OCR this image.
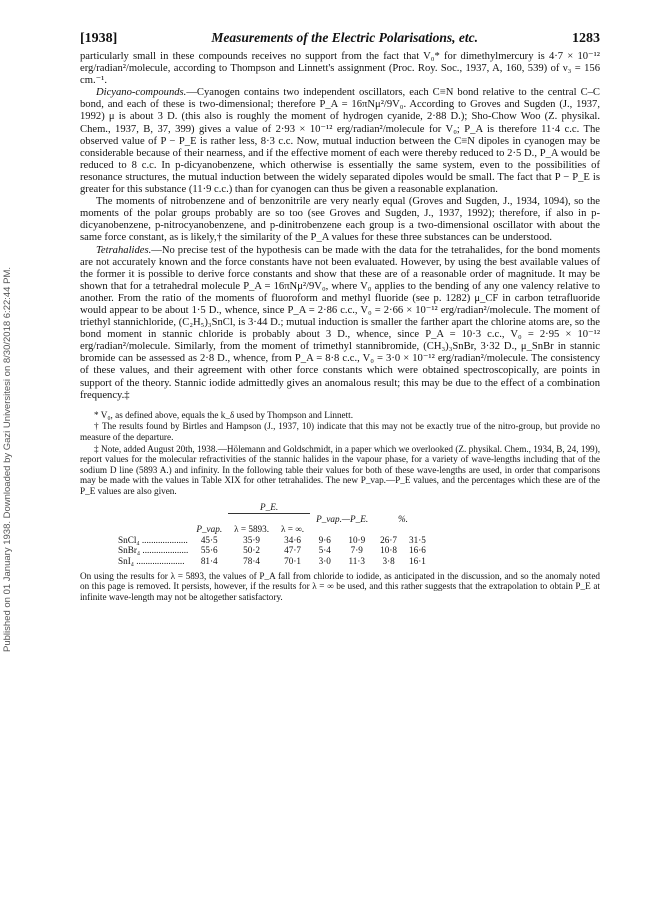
Published on 01 January 1938. Downloaded by Gazi Universitesi on 8/30/2018 6:22:44 PM.
[1938]	Measurements of the Electric Polarisations, etc.	1283

particularly small in these compounds receives no support from the fact that V₀* for dimethylmercury is 4·7 × 10⁻¹² erg/radian²/molecule, according to Thompson and Linnett's assignment (Proc. Roy. Soc., 1937, A, 160, 539) of ν₃ = 156 cm.⁻¹.

Dicyano-compounds.—Cyanogen contains two independent oscillators, each C≡N bond relative to the central C–C bond, and each of these is two-dimensional; therefore P_A = 16πNμ²/9V₀. According to Groves and Sugden (J., 1937, 1992) μ is about 3 D. (this also is roughly the moment of hydrogen cyanide, 2·88 D.); Sho-Chow Woo (Z. physikal. Chem., 1937, B, 37, 399) gives a value of 2·93 × 10⁻¹² erg/radian²/molecule for V₀; P_A is therefore 11·4 c.c. The observed value of P − P_E is rather less, 8·3 c.c. Now, mutual induction between the C≡N dipoles in cyanogen may be considerable because of their nearness, and if the effective moment of each were thereby reduced to 2·5 D., P_A would be reduced to 8 c.c. In p-dicyanobenzene, which otherwise is essentially the same system, even to the possibilities of resonance structures, the mutual induction between the widely separated dipoles would be small. The fact that P − P_E is greater for this substance (11·9 c.c.) than for cyanogen can thus be given a reasonable explanation.

The moments of nitrobenzene and of benzonitrile are very nearly equal (Groves and Sugden, J., 1934, 1094), so the moments of the polar groups probably are so too (see Groves and Sugden, J., 1937, 1992); therefore, if also in p-dicyanobenzene, p-nitrocyanobenzene, and p-dinitrobenzene each group is a two-dimensional oscillator with about the same force constant, as is likely,† the similarity of the P_A values for these three substances can be understood.

Tetrahalides.—No precise test of the hypothesis can be made with the data for the tetrahalides, for the bond moments are not accurately known and the force constants have not been evaluated. However, by using the best available values of the former it is possible to derive force constants and show that these are of a reasonable order of magnitude. It may be shown that for a tetrahedral molecule P_A = 16πNμ²/9V₀, where V₀ applies to the bending of any one valency relative to another. From the ratio of the moments of fluoroform and methyl fluoride (see p. 1282) μ_CF in carbon tetrafluoride would appear to be about 1·5 D., whence, since P_A = 2·86 c.c., V₀ = 2·66 × 10⁻¹² erg/radian²/molecule. The moment of triethyl stannichloride, (C₂H₅)₃SnCl, is 3·44 D.; mutual induction is smaller the farther apart the chlorine atoms are, so the bond moment in stannic chloride is probably about 3 D., whence, since P_A = 10·3 c.c., V₀ = 2·95 × 10⁻¹² erg/radian²/molecule. Similarly, from the moment of trimethyl stannibromide, (CH₃)₃SnBr, 3·32 D., μ_SnBr in stannic bromide can be assessed as 2·8 D., whence, from P_A = 8·8 c.c., V₀ = 3·0 × 10⁻¹² erg/radian²/molecule. The consistency of these values, and their agreement with other force constants which were obtained spectroscopically, are points in support of the theory. Stannic iodide admittedly gives an anomalous result; this may be due to the effect of a combination frequency.‡

* V₀, as defined above, equals the k_δ used by Thompson and Linnett.

† The results found by Birtles and Hampson (J., 1937, 10) indicate that this may not be exactly true of the nitro-group, but provide no measure of the departure.

‡ Note, added August 20th, 1938.—Hölemann and Goldschmidt, in a paper which we overlooked (Z. physikal. Chem., 1934, B, 24, 199), report values for the molecular refractivities of the stannic halides in the vapour phase, for a variety of wave-lengths including that of the sodium D line (5893 A.) and infinity. In the following table their values for both of these wave-lengths are used, in order that comparisons may be made with the values in Table XIX for other tetrahalides. The new P_vap.—P_E values, and the percentages which these are of the P_E values are also given.

		P_E.					
				P_vap.—P_E.		%.	
	P_vap.	λ = 5893.	λ = ∞.				
SnCl₄ ....................	45·5	35·9	34·6	9·6	10·9	26·7	31·5
SnBr₄ ....................	55·6	50·2	47·7	5·4	7·9	10·8	16·6
SnI₄ .....................	81·4	78·4	70·1	3·0	11·3	3·8	16·1

On using the results for λ = 5893, the values of P_A fall from chloride to iodide, as anticipated in the discussion, and so the anomaly noted on this page is removed. It persists, however, if the results for λ = ∞ be used, and this rather suggests that the extrapolation to obtain P_E at infinite wave-length may not be altogether satisfactory.
